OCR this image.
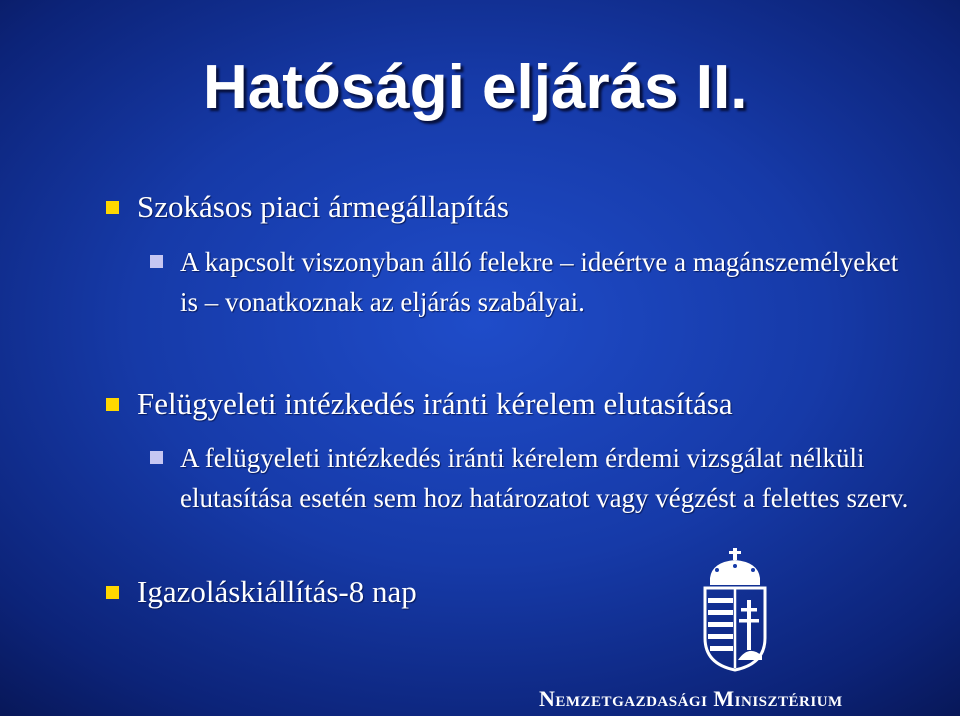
Hatósági eljárás II.
Szokásos piaci ármegállapítás
A kapcsolt viszonyban álló felekre – ideértve a magánszemélyeket is – vonatkoznak az eljárás szabályai.
Felügyeleti intézkedés iránti kérelem elutasítása
A felügyeleti intézkedés iránti kérelem érdemi vizsgálat nélküli elutasítása esetén sem hoz határozatot vagy végzést a felettes szerv.
Igazoláskiállítás-8 nap
Nemzetgazdasági Minisztérium
